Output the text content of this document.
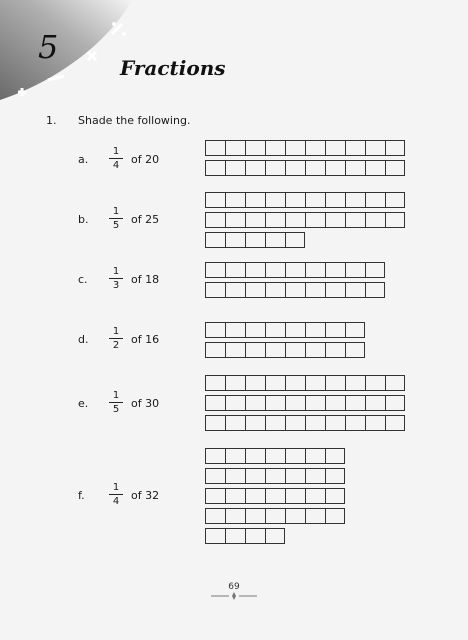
5
Fractions
1. Shade the following.
a.
1
4	of 20
b.
1
5	of 25
c.
1
3	of 18
d.
1
2	of 16
e.
1
5	of 30
f.
1
4	of 32
69
